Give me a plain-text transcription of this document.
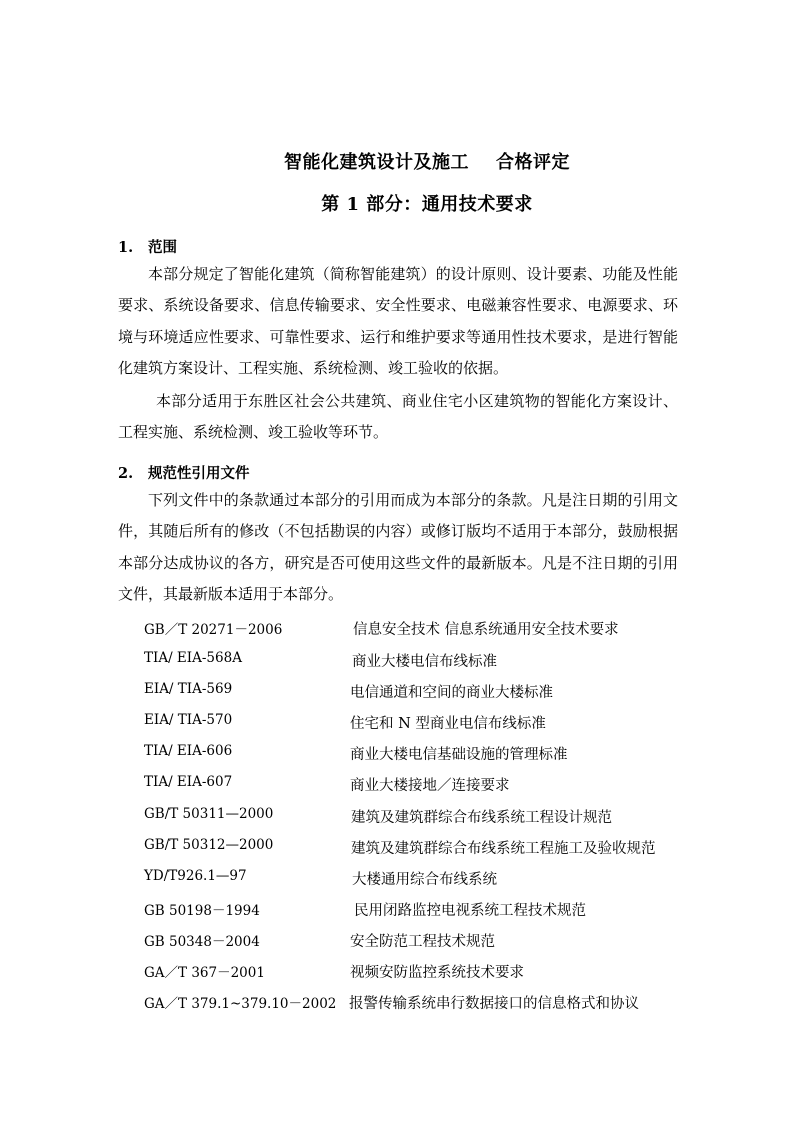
智能化建筑设计及施工    合格评定
第 1 部分：通用技术要求
1. 范围
本部分规定了智能化建筑（简称智能建筑）的设计原则、设计要素、功能及性能要求、系统设备要求、信息传输要求、安全性要求、电磁兼容性要求、电源要求、环境与环境适应性要求、可靠性要求、运行和维护要求等通用性技术要求，是进行智能化建筑方案设计、工程实施、系统检测、竣工验收的依据。
本部分适用于东胜区社会公共建筑、商业住宅小区建筑物的智能化方案设计、工程实施、系统检测、竣工验收等环节。
2. 规范性引用文件
下列文件中的条款通过本部分的引用而成为本部分的条款。凡是注日期的引用文件，其随后所有的修改（不包括勘误的内容）或修订版均不适用于本部分，鼓励根据本部分达成协议的各方，研究是否可使用这些文件的最新版本。凡是不注日期的引用文件，其最新版本适用于本部分。
GB／T 20271－2006	信息安全技术 信息系统通用安全技术要求
TIA/ EIA-568A	商业大楼电信布线标准
EIA/ TIA-569	电信通道和空间的商业大楼标准
EIA/ TIA-570	住宅和 N 型商业电信布线标准
TIA/ EIA-606	商业大楼电信基础设施的管理标准
TIA/ EIA-607	商业大楼接地／连接要求
GB/T 50311—2000	建筑及建筑群综合布线系统工程设计规范
GB/T 50312—2000	建筑及建筑群综合布线系统工程施工及验收规范
YD/T926.1—97	大楼通用综合布线系统
GB 50198－1994	民用闭路监控电视系统工程技术规范
GB 50348－2004	安全防范工程技术规范
GA／T 367－2001	视频安防监控系统技术要求
GA／T 379.1~379.10－2002 报警传输系统串行数据接口的信息格式和协议
